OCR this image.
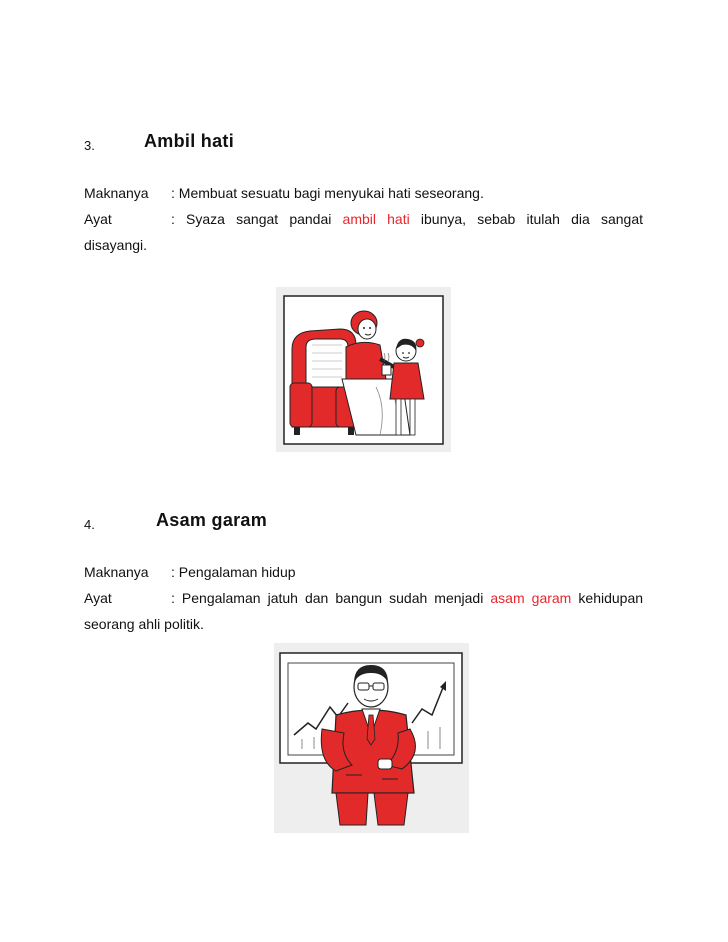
3.	Ambil hati
Maknanya : Membuat sesuatu bagi menyukai hati seseorang.
Ayat	: Syaza sangat pandai ambil hati ibunya, sebab itulah dia sangat
disayangi.
4.	Asam garam
Maknanya : Pengalaman hidup
Ayat	: Pengalaman jatuh dan bangun sudah menjadi asam garam kehidupan
seorang ahli politik.
